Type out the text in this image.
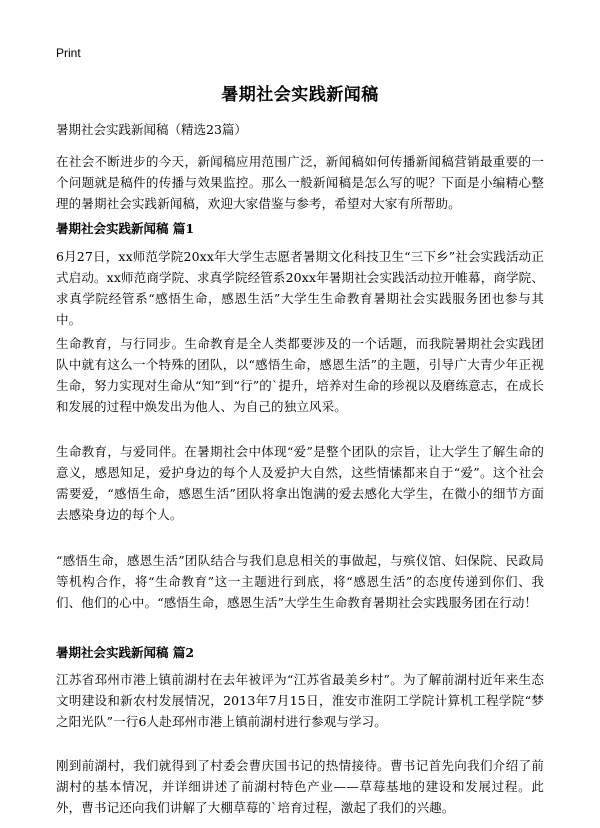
Print
暑期社会实践新闻稿

暑期社会实践新闻稿（精选23篇）

在社会不断进步的今天，新闻稿应用范围广泛，新闻稿如何传播新闻稿营销最重要的一个问题就是稿件的传播与效果监控。那么一般新闻稿是怎么写的呢？下面是小编精心整理的暑期社会实践新闻稿，欢迎大家借鉴与参考，希望对大家有所帮助。

暑期社会实践新闻稿 篇1

6月27日，xx师范学院20xx年大学生志愿者暑期文化科技卫生“三下乡”社会实践活动正式启动。xx师范商学院、求真学院经管系20xx年暑期社会实践活动拉开帷幕，商学院、求真学院经管系“感悟生命，感恩生活”大学生生命教育暑期社会实践服务团也参与其中。

生命教育，与行同步。生命教育是全人类都要涉及的一个话题，而我院暑期社会实践团队中就有这么一个特殊的团队，以“感悟生命，感恩生活”的主题，引导广大青少年正视生命，努力实现对生命从“知”到“行”的`提升，培养对生命的珍视以及磨练意志，在成长和发展的过程中焕发出为他人、为自己的独立风采。

生命教育，与爱同伴。在暑期社会中体现“爱”是整个团队的宗旨，让大学生了解生命的意义，感恩知足，爱护身边的每个人及爱护大自然，这些情愫都来自于“爱”。这个社会需要爱，“感悟生命，感恩生活”团队将拿出饱满的爱去感化大学生，在微小的细节方面去感染身边的每个人。

“感悟生命，感恩生活”团队结合与我们息息相关的事做起，与殡仪馆、妇保院、民政局等机构合作，将“生命教育”这一主题进行到底，将“感恩生活”的态度传递到你们、我们、他们的心中。“感悟生命，感恩生活”大学生生命教育暑期社会实践服务团在行动！

暑期社会实践新闻稿 篇2

江苏省邳州市港上镇前湖村在去年被评为“江苏省最美乡村”。为了解前湖村近年来生态文明建设和新农村发展情况，2013年7月15日，淮安市淮阴工学院计算机工程学院“梦之阳光队”一行6人赴邳州市港上镇前湖村进行参观与学习。

刚到前湖村，我们就得到了村委会曹庆国书记的热情接待。曹书记首先向我们介绍了前湖村的基本情况，并详细讲述了前湖村特色产业——草莓基地的建设和发展过程。此外，曹书记还向我们讲解了大棚草莓的`培育过程，激起了我们的兴趣。
